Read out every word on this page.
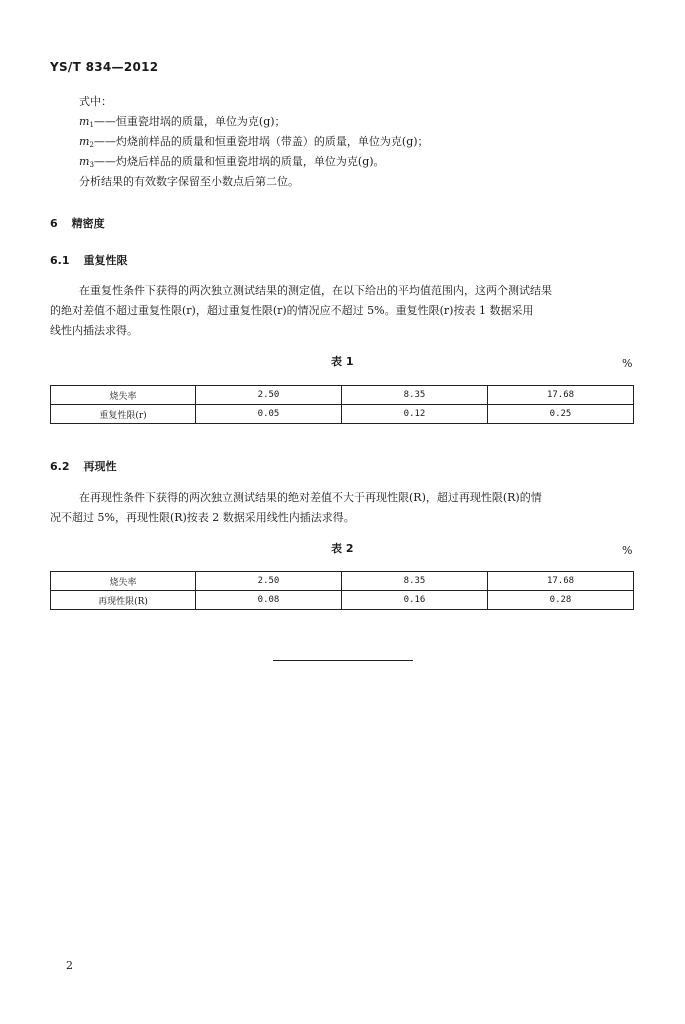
YS/T 834—2012
式中：
$m_1——$恒重瓷坩埚的质量，单位为克(g)；
$m_2——$灼烧前样品的质量和恒重瓷坩埚（带盖）的质量，单位为克(g)；
$m_3——$灼烧后样品的质量和恒重瓷坩埚的质量，单位为克(g)。
分析结果的有效数字保留至小数点后第二位。
6 精密度
6.1 重复性限
在重复性条件下获得的两次独立测试结果的测定值，在以下给出的平均值范围内，这两个测试结果
的绝对差值不超过重复性限(r)，超过重复性限(r)的情况应不超过 5%。重复性限(r)按表 1 数据采用
线性内插法求得。
表 1	%
烧失率	2.50	8.35	17.68
重复性限(r)	0.05	0.12	0.25
6.2 再现性
在再现性条件下获得的两次独立测试结果的绝对差值不大于再现性限(R)，超过再现性限(R)的情
况不超过 5%，再现性限(R)按表 2 数据采用线性内插法求得。
表 2	%
烧失率	2.50	8.35	17.68
再现性限(R)	0.08	0.16	0.28
2
